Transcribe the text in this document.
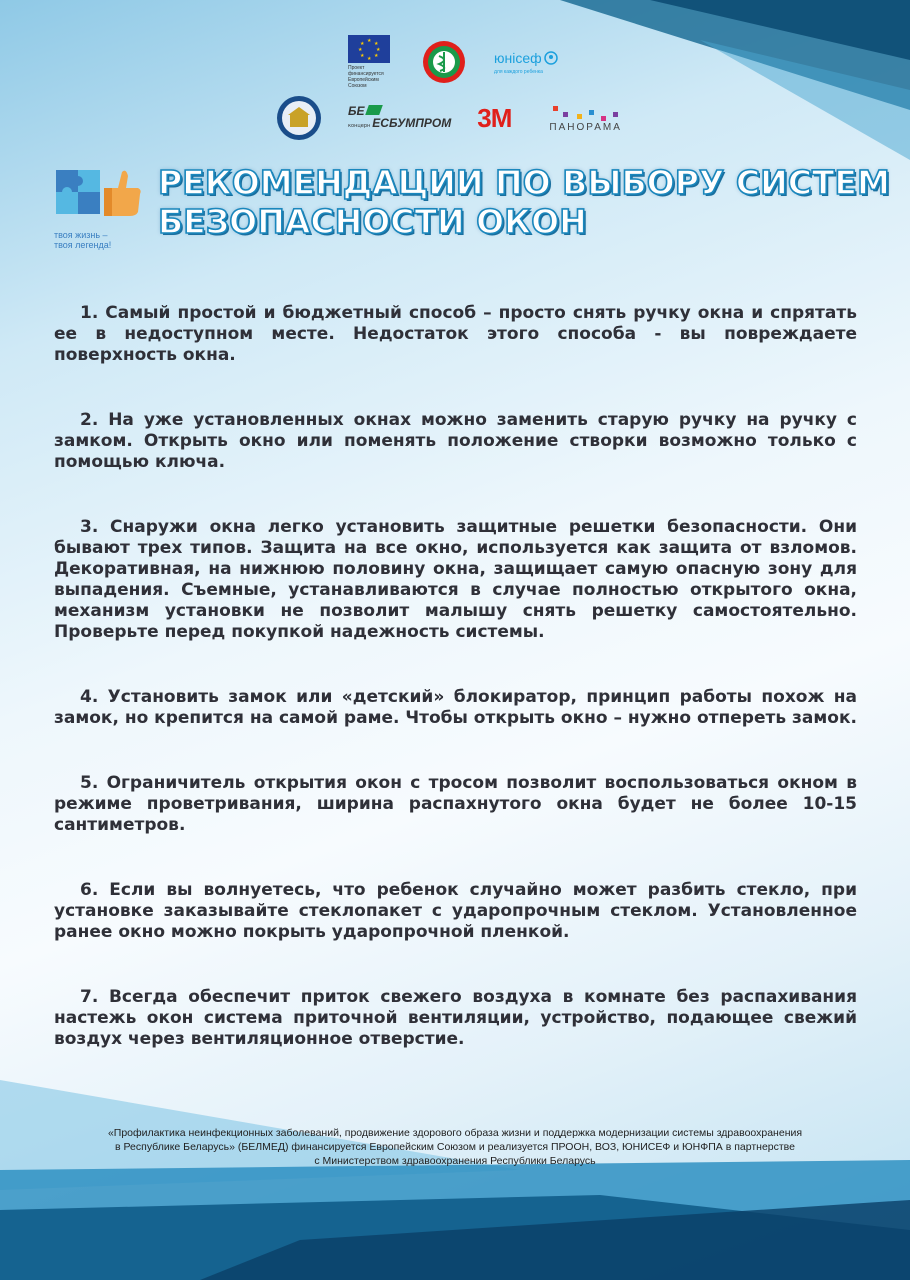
★ ★
★
★
★
★
★
★
Проект финансируется Европейским Союзом
юнісеф
для каждого ребенка
БЕ
концерн ЕСБУМПРОМ 3M	ПАНОРАМА
твоя жизнь –
твоя легенда!
РЕКОМЕНДАЦИИ ПО ВЫБОРУ СИСТЕМ
БЕЗОПАСНОСТИ ОКОН
1. Самый простой и бюджетный способ – просто снять ручку окна и спрятать ее в недоступном месте. Недостаток этого способа - вы повреждаете поверхность окна.
2. На уже установленных окнах можно заменить старую ручку на ручку с замком. Открыть окно или поменять положение створки возможно только с помощью ключа.
3. Снаружи окна легко установить защитные решетки безопасности. Они бывают трех типов. Защита на все окно, используется как защита от взломов. Декоративная, на нижнюю половину окна, защищает самую опасную зону для выпадения. Съемные, устанавливаются в случае полностью открытого окна, механизм установки не позволит малышу снять решетку самостоятельно. Проверьте перед покупкой надежность системы.
4. Установить замок или «детский» блокиратор, принцип работы похож на замок, но крепится на самой раме. Чтобы открыть окно – нужно отпереть замок.
5. Ограничитель открытия окон с тросом позволит воспользоваться окном в режиме проветривания, ширина распахнутого окна будет не более 10-15 сантиметров.
6. Если вы волнуетесь, что ребенок случайно может разбить стекло, при установке заказывайте стеклопакет с ударопрочным стеклом. Установленное ранее окно можно покрыть ударопрочной пленкой.
7. Всегда обеспечит приток свежего воздуха в комнате без распахивания настежь окон система приточной вентиляции, устройство, подающее свежий воздух через вентиляционное отверстие.
«Профилактика неинфекционных заболеваний, продвижение здорового образа жизни и поддержка модернизации системы здравоохранения
в Республике Беларусь» (БЕЛМЕД) финансируется Европейским Союзом и реализуется ПРООН, ВОЗ, ЮНИСЕФ и ЮНФПА в партнерстве
с Министерством здравоохранения Республики Беларусь
